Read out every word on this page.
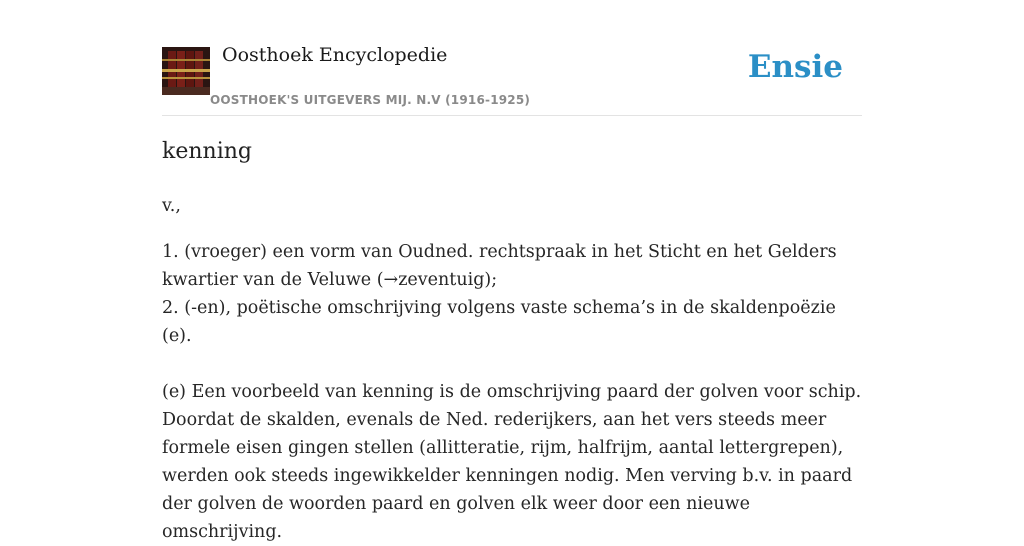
Oosthoek Encyclopedie
OOSTHOEK'S UITGEVERS MIJ. N.V (1916-1925)
Ensie
kenning

v.,

1. (vroeger) een vorm van Oudned. rechtspraak in het Sticht en het Gelders kwartier van de Veluwe (→zeventuig);

2. (-en), poëtische omschrijving volgens vaste schema’s in de skaldenpoëzie (e).

(e) Een voorbeeld van kenning is de omschrijving paard der golven voor schip. Doordat de skalden, evenals de Ned. rederijkers, aan het vers steeds meer formele eisen gingen stellen (allitteratie, rijm, halfrijm, aantal lettergrepen), werden ook steeds ingewikkelder kenningen nodig. Men verving b.v. in paard der golven de woorden paard en golven elk weer door een nieuwe omschrijving.
